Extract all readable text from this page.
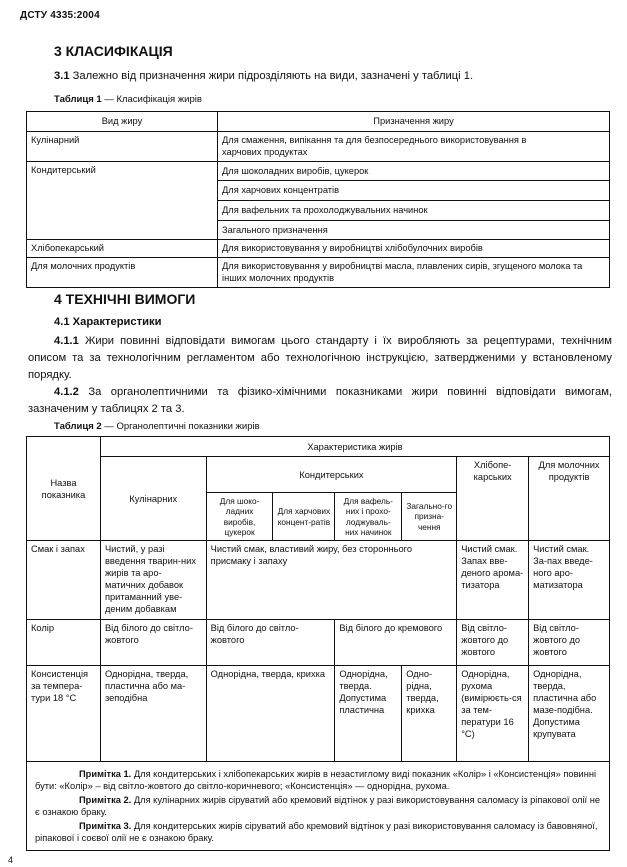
ДСТУ 4335:2004
3 КЛАСИФІКАЦІЯ
3.1 Залежно від призначення жири підрозділяють на види, зазначені у таблиці 1.
Таблиця 1 — Класифікація жирів
Вид жиру	Призначення жиру
Кулінарний	Для смаження, випікання та для безпосереднього використовування в харчових продуктах
Кондитерський	Для шоколадних виробів, цукерок
Для харчових концентратів
Для вафельних та прохолоджувальних начинок
Загального призначення

Хлібопекарський	Для використовування у виробництві хлібобулочних виробів
Для молочних продуктів	Для використовування у виробництві масла, плавлених сирів, згущеного молока та інших молочних продуктів
4 ТЕХНІЧНІ ВИМОГИ
4.1 Характеристики
4.1.1 Жири повинні відповідати вимогам цього стандарту і їх виробляють за рецептурами, технічним описом та за технологічним регламентом або технологічною інструкцією, затвердженими у встановленому порядку.
4.1.2 За органолептичними та фізико-хімічними показниками жири повинні відповідати вимогам, зазначеним у таблицях 2 та 3.
Таблиця 2 — Органолептичні показники жирів
Назва показника	Характеристика жирів						
	Кулінарних	Кондитерських				Хлібопе-карських	Для молочних продуктів
		Для шоко-ладних виробів, цукерок	Для харчових концент-ратів	Для вафель-них і прохо-лоджуваль-них начинок	Загально-го призна-чення		
Смак і запах	Чистий, у разі введення тварин-них жирів та аро-матичних добавок притаманний уве-деним добавкам	Чистий смак, властивий жиру, без стороннього присмаку і запаху				Чистий смак. Запах вве-деного арома-тизатора	Чистий смак. За-пах введе-ного аро-матизатора
Колір	Від білого до світло-жовтого	Від білого до світло-жовтого		Від білого до кремового		Від світло-жовтого до жовтого	Від світло-жовтого до жовтого
Консистенція за темпера-тури 18 °С	Однорідна, тверда, пластична або ма-зеподібна	Однорідна, тверда, крихка		Однорідна, тверда. Допустима пластична	Одно-рідна, тверда, крихка	Однорідна, рухома (вимірюєть-ся за тем-ператури 16 °С)	Однорідна, тверда, пластична або мазе-подібна. Допустима крупувата

Примітка 1. Для кондитерських і хлібопекарських жирів в незастиглому виді показник «Колір» і «Консистенція» повинні бути: «Колір» – від світло-жовтого до світло-коричневого; «Консистенція» — однорідна, рухома.
Примітка 2. Для кулінарних жирів сіруватий або кремовий відтінок у разі використовування саломасу із ріпакової олії не є ознакою браку.
Примітка 3. Для кондитерських жирів сіруватий або кремовий відтінок у разі використовування саломасу із бавовняної, ріпакової і соєвої олії не є ознакою браку.							
4
